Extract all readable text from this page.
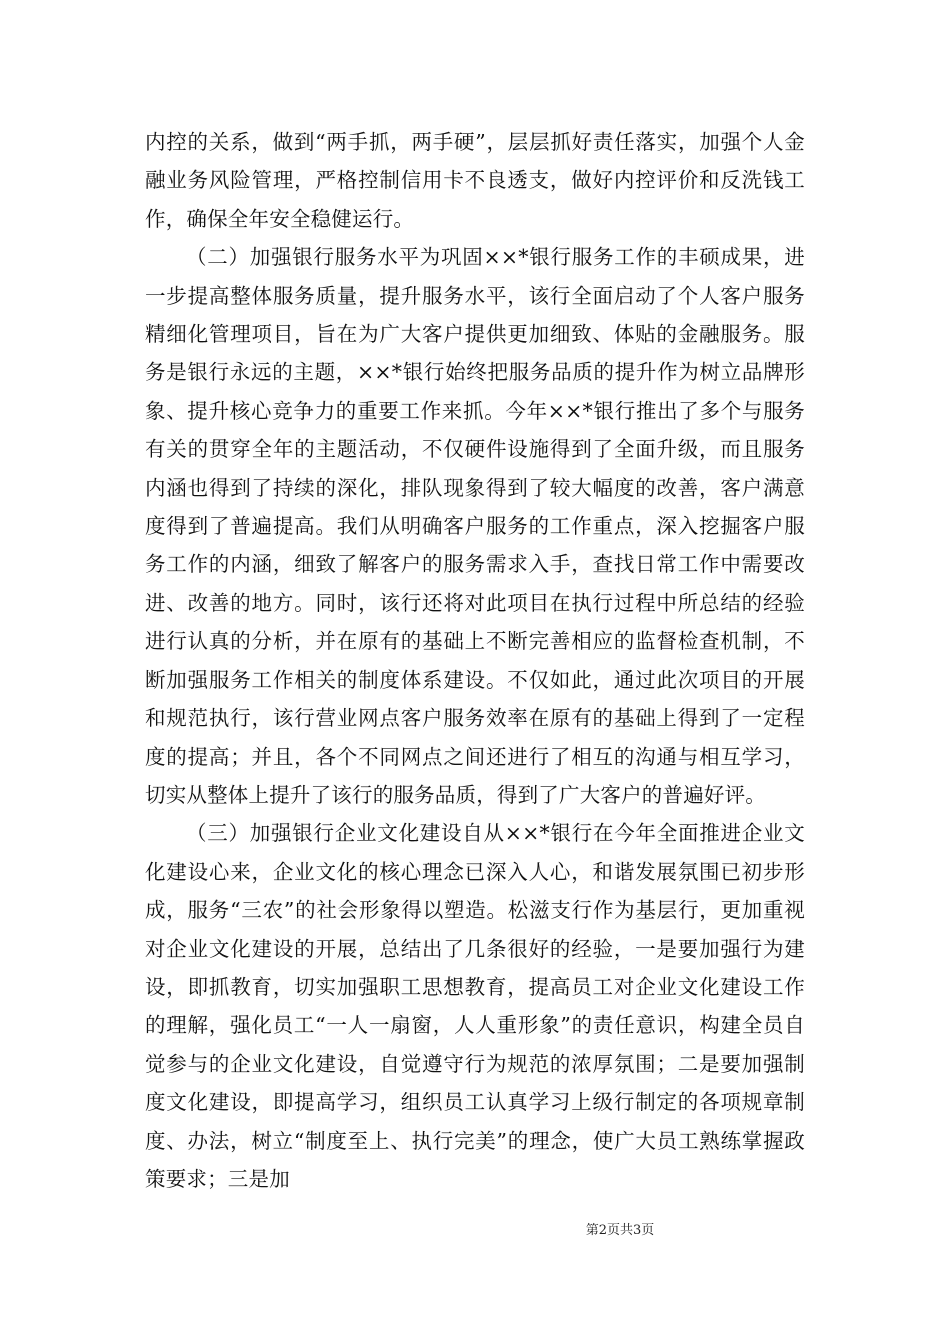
内控的关系，做到“两手抓，两手硬”，层层抓好责任落实，加强个人金融业务风险管理，严格控制信用卡不良透支，做好内控评价和反洗钱工作，确保全年安全稳健运行。

（二）加强银行服务水平为巩固××*银行服务工作的丰硕成果，进一步提高整体服务质量，提升服务水平，该行全面启动了个人客户服务精细化管理项目，旨在为广大客户提供更加细致、体贴的金融服务。服务是银行永远的主题，××*银行始终把服务品质的提升作为树立品牌形象、提升核心竞争力的重要工作来抓。今年××*银行推出了多个与服务有关的贯穿全年的主题活动，不仅硬件设施得到了全面升级，而且服务内涵也得到了持续的深化，排队现象得到了较大幅度的改善，客户满意度得到了普遍提高。我们从明确客户服务的工作重点，深入挖掘客户服务工作的内涵，细致了解客户的服务需求入手，查找日常工作中需要改进、改善的地方。同时，该行还将对此项目在执行过程中所总结的经验进行认真的分析，并在原有的基础上不断完善相应的监督检查机制，不断加强服务工作相关的制度体系建设。不仅如此，通过此次项目的开展和规范执行，该行营业网点客户服务效率在原有的基础上得到了一定程度的提高；并且，各个不同网点之间还进行了相互的沟通与相互学习，切实从整体上提升了该行的服务品质，得到了广大客户的普遍好评。

（三）加强银行企业文化建设自从××*银行在今年全面推进企业文化建设心来，企业文化的核心理念已深入人心，和谐发展氛围已初步形成，服务“三农”的社会形象得以塑造。松滋支行作为基层行，更加重视对企业文化建设的开展，总结出了几条很好的经验，一是要加强行为建设，即抓教育，切实加强职工思想教育，提高员工对企业文化建设工作的理解，强化员工“一人一扇窗，人人重形象”的责任意识，构建全员自觉参与的企业文化建设，自觉遵守行为规范的浓厚氛围；二是要加强制度文化建设，即提高学习，组织员工认真学习上级行制定的各项规章制度、办法，树立“制度至上、执行完美”的理念，使广大员工熟练掌握政策要求；三是加

第2页共3页
